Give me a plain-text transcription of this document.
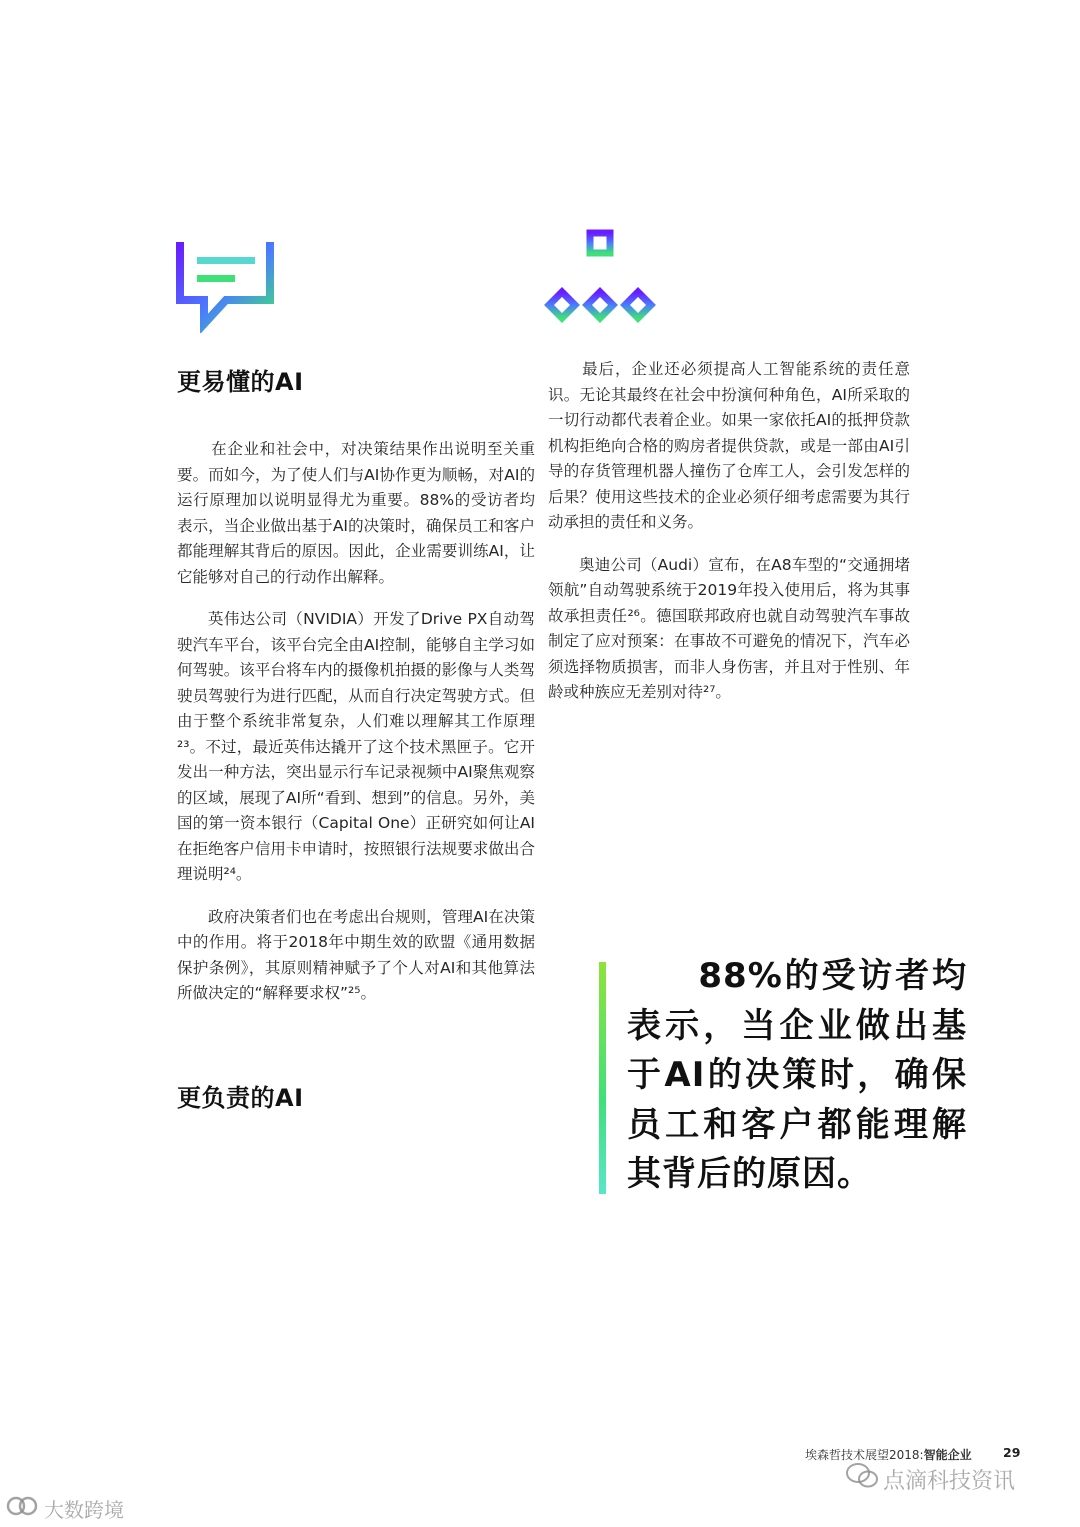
更易懂的AI

在企业和社会中，对决策结果作出说明至关重要。而如今，为了使人们与AI协作更为顺畅，对AI的运行原理加以说明显得尤为重要。88%的受访者均表示，当企业做出基于AI的决策时，确保员工和客户都能理解其背后的原因。因此，企业需要训练AI，让它能够对自己的行动作出解释。

英伟达公司（NVIDIA）开发了Drive PX自动驾驶汽车平台，该平台完全由AI控制，能够自主学习如何驾驶。该平台将车内的摄像机拍摄的影像与人类驾驶员驾驶行为进行匹配，从而自行决定驾驶方式。但由于整个系统非常复杂，人们难以理解其工作原理²³。不过，最近英伟达撬开了这个技术黑匣子。它开发出一种方法，突出显示行车记录视频中AI聚焦观察的区域，展现了AI所“看到、想到”的信息。另外，美国的第一资本银行（Capital One）正研究如何让AI在拒绝客户信用卡申请时，按照银行法规要求做出合理说明²⁴。

政府决策者们也在考虑出台规则，管理AI在决策中的作用。将于2018年中期生效的欧盟《通用数据保护条例》，其原则精神赋予了个人对AI和其他算法所做决定的“解释要求权”²⁵。

更负责的AI

最后，企业还必须提高人工智能系统的责任意识。无论其最终在社会中扮演何种角色，AI所采取的一切行动都代表着企业。如果一家依托AI的抵押贷款机构拒绝向合格的购房者提供贷款，或是一部由AI引导的存货管理机器人撞伤了仓库工人，会引发怎样的后果？使用这些技术的企业必须仔细考虑需要为其行动承担的责任和义务。

奥迪公司（Audi）宣布，在A8车型的“交通拥堵领航”自动驾驶系统于2019年投入使用后，将为其事故承担责任²⁶。德国联邦政府也就自动驾驶汽车事故制定了应对预案：在事故不可避免的情况下，汽车必须选择物质损害，而非人身伤害，并且对于性别、年龄或种族应无差别对待²⁷。

88%的受访者均表示，当企业做出基于AI的决策时，确保员工和客户都能理解其背后的原因。
埃森哲技术展望2018:智能企业	29
点滴科技资讯
大数跨境
